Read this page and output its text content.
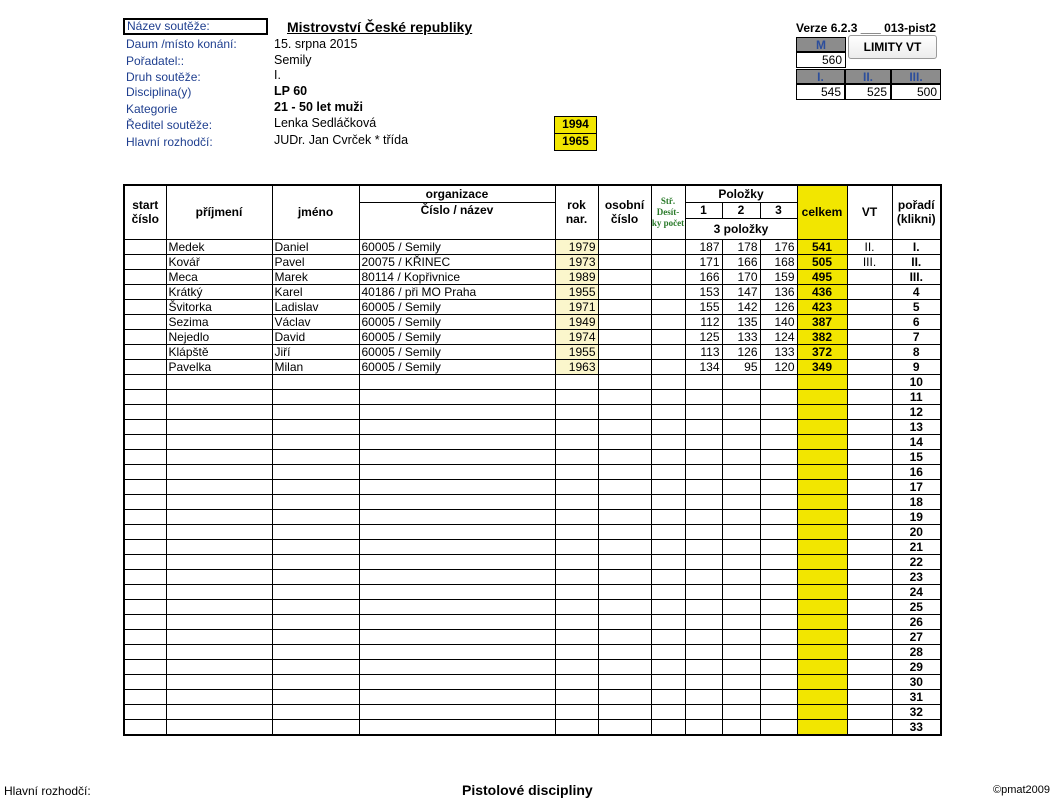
Název soutěže:	Mistrovství České republiky	Verze 6.2.3 ___ 013-pist2
Daum /místo konání:	15. srpna 2015
Pořadatel::	Semily
Druh soutěže:	I.
Disciplina(y)	LP 60
Kategorie	21 - 50 let muži
Ředitel soutěže:	Lenka Sedláčková
Hlavní rozhodčí:	JUDr. Jan Cvrček * třída
1994
1965
M
560
LIMITY VT
I.	II.	III.
545	525	500
start číslo	příjmení	jméno	organizace	rok nar.	osobní číslo	Stř. Desít- ky počet	Položky			celkem	VT	pořadí (klikni)
			Číslo / název				1	2	3			
							3 položky					
	Medek	Daniel	60005 / Semily	1979			187	178	176	541	II.	I.
	Kovář	Pavel	20075 / KŘINEC	1973			171	166	168	505	III.	II.
	Meca	Marek	80114 / Kopřivnice	1989			166	170	159	495		III.
	Krátký	Karel	40186 / při MO Praha	1955			153	147	136	436		4
	Švitorka	Ladislav	60005 / Semily	1971			155	142	126	423		5
	Sezima	Václav	60005 / Semily	1949			112	135	140	387		6
	Nejedlo	David	60005 / Semily	1974			125	133	124	382		7
	Klápště	Jiří	60005 / Semily	1955			113	126	133	372		8
	Pavelka	Milan	60005 / Semily	1963			134	95	120	349		9
												10
												11
												12
												13
												14
												15
												16
												17
												18
												19
												20
												21
												22
												23
												24
												25
												26
												27
												28
												29
												30
												31
												32
												33
Hlavní rozhodčí:	Pistolové discipliny	©pmat2009
